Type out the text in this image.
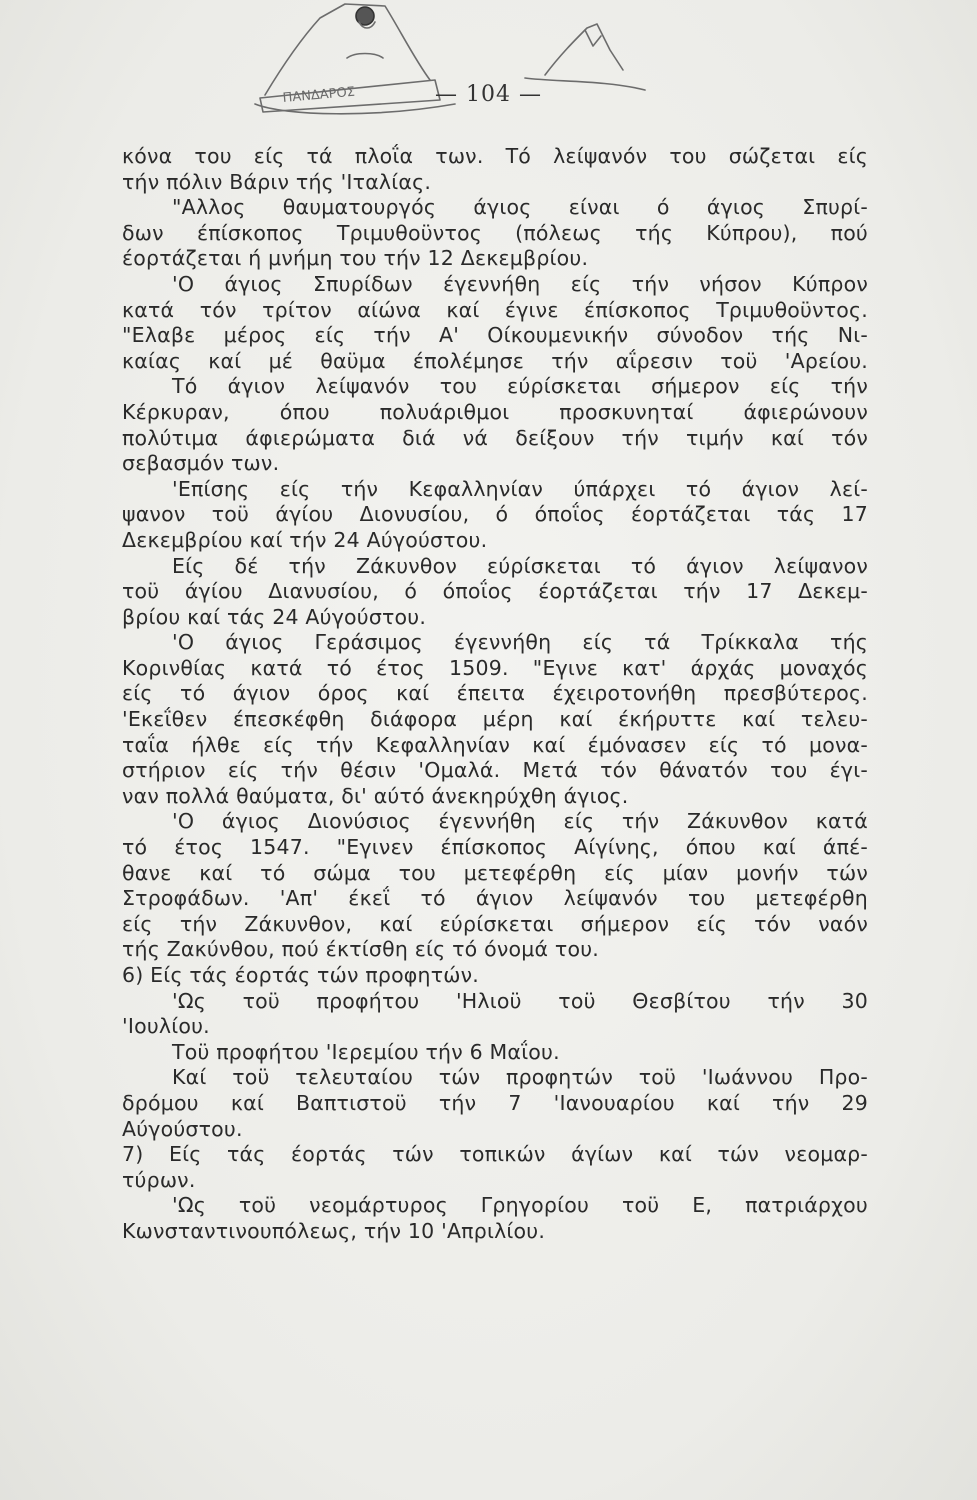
ΠΑΝΔΑΡΟΣ	— 104 —
κόνα του είς τά πλοΐα των. Τό λείψανόν του σώζεται είς
τήν πόλιν Βάριν τής 'Ιταλίας.
"Αλλος θαυματουργός άγιος είναι ό άγιος Σπυρί-
δων έπίσκοπος Τριμυθοϋντος (πόλεως τής Κύπρου), πού
έορτάζεται ή μνήμη του τήν 12 Δεκεμβρίου.
'Ο άγιος Σπυρίδων έγεννήθη είς τήν νήσον Κύπρον
κατά τόν τρίτον αίώνα καί έγινε έπίσκοπος Τριμυθοϋντος.
"Ελαβε μέρος είς τήν Α' Οίκουμενικήν σύνοδον τής Νι-
καίας καί μέ θαϋμα έπολέμησε τήν αΐρεσιν τοϋ 'Αρείου.
Τό άγιον λείψανόν του εύρίσκεται σήμερον είς τήν
Κέρκυραν, όπου πολυάριθμοι προσκυνηταί άφιερώνουν
πολύτιμα άφιερώματα διά νά δείξουν τήν τιμήν καί τόν
σεβασμόν των.
'Επίσης είς τήν Κεφαλληνίαν ύπάρχει τό άγιον λεί-
ψανον τοϋ άγίου Διονυσίου, ό όποΐος έορτάζεται τάς 17
Δεκεμβρίου καί τήν 24 Αύγούστου.
Είς δέ τήν Ζάκυνθον εύρίσκεται τό άγιον λείψανον
τοϋ άγίου Διανυσίου, ό όποΐος έορτάζεται τήν 17 Δεκεμ-
βρίου καί τάς 24 Αύγούστου.
'Ο άγιος Γεράσιμος έγεννήθη είς τά Τρίκκαλα τής
Κορινθίας κατά τό έτος 1509. "Εγινε κατ' άρχάς μοναχός
είς τό άγιον όρος καί έπειτα έχειροτονήθη πρεσβύτερος.
'Εκεΐθεν έπεσκέφθη διάφορα μέρη καί έκήρυττε καί τελευ-
ταΐα ήλθε είς τήν Κεφαλληνίαν καί έμόνασεν είς τό μονα-
στήριον είς τήν θέσιν 'Ομαλά. Μετά τόν θάνατόν του έγι-
ναν πολλά θαύματα, δι' αύτό άνεκηρύχθη άγιος.
'Ο άγιος Διονύσιος έγεννήθη είς τήν Ζάκυνθον κατά
τό έτος 1547. "Εγινεν έπίσκοπος Αίγίνης, όπου καί άπέ-
θανε καί τό σώμα του μετεφέρθη είς μίαν μονήν τών
Στροφάδων. 'Απ' έκεΐ τό άγιον λείψανόν του μετεφέρθη
είς τήν Ζάκυνθον, καί εύρίσκεται σήμερον είς τόν ναόν
τής Ζακύνθου, πού έκτίσθη είς τό όνομά του.
6) Είς τάς έορτάς τών προφητών.
'Ως τοϋ προφήτου 'Ηλιοϋ τοϋ Θεσβίτου τήν 30
'Ιουλίου.
Τοϋ προφήτου 'Ιερεμίου τήν 6 Μαΐου.
Καί τοϋ τελευταίου τών προφητών τοϋ 'Ιωάννου Προ-
δρόμου καί Βαπτιστοϋ τήν 7 'Ιανουαρίου καί τήν 29
Αύγούστου.
7) Είς τάς έορτάς τών τοπικών άγίων καί τών νεομαρ-
τύρων.
'Ως τοϋ νεομάρτυρος Γρηγορίου τοϋ Ε, πατριάρχου
Κωνσταντινουπόλεως, τήν 10 'Απριλίου.
